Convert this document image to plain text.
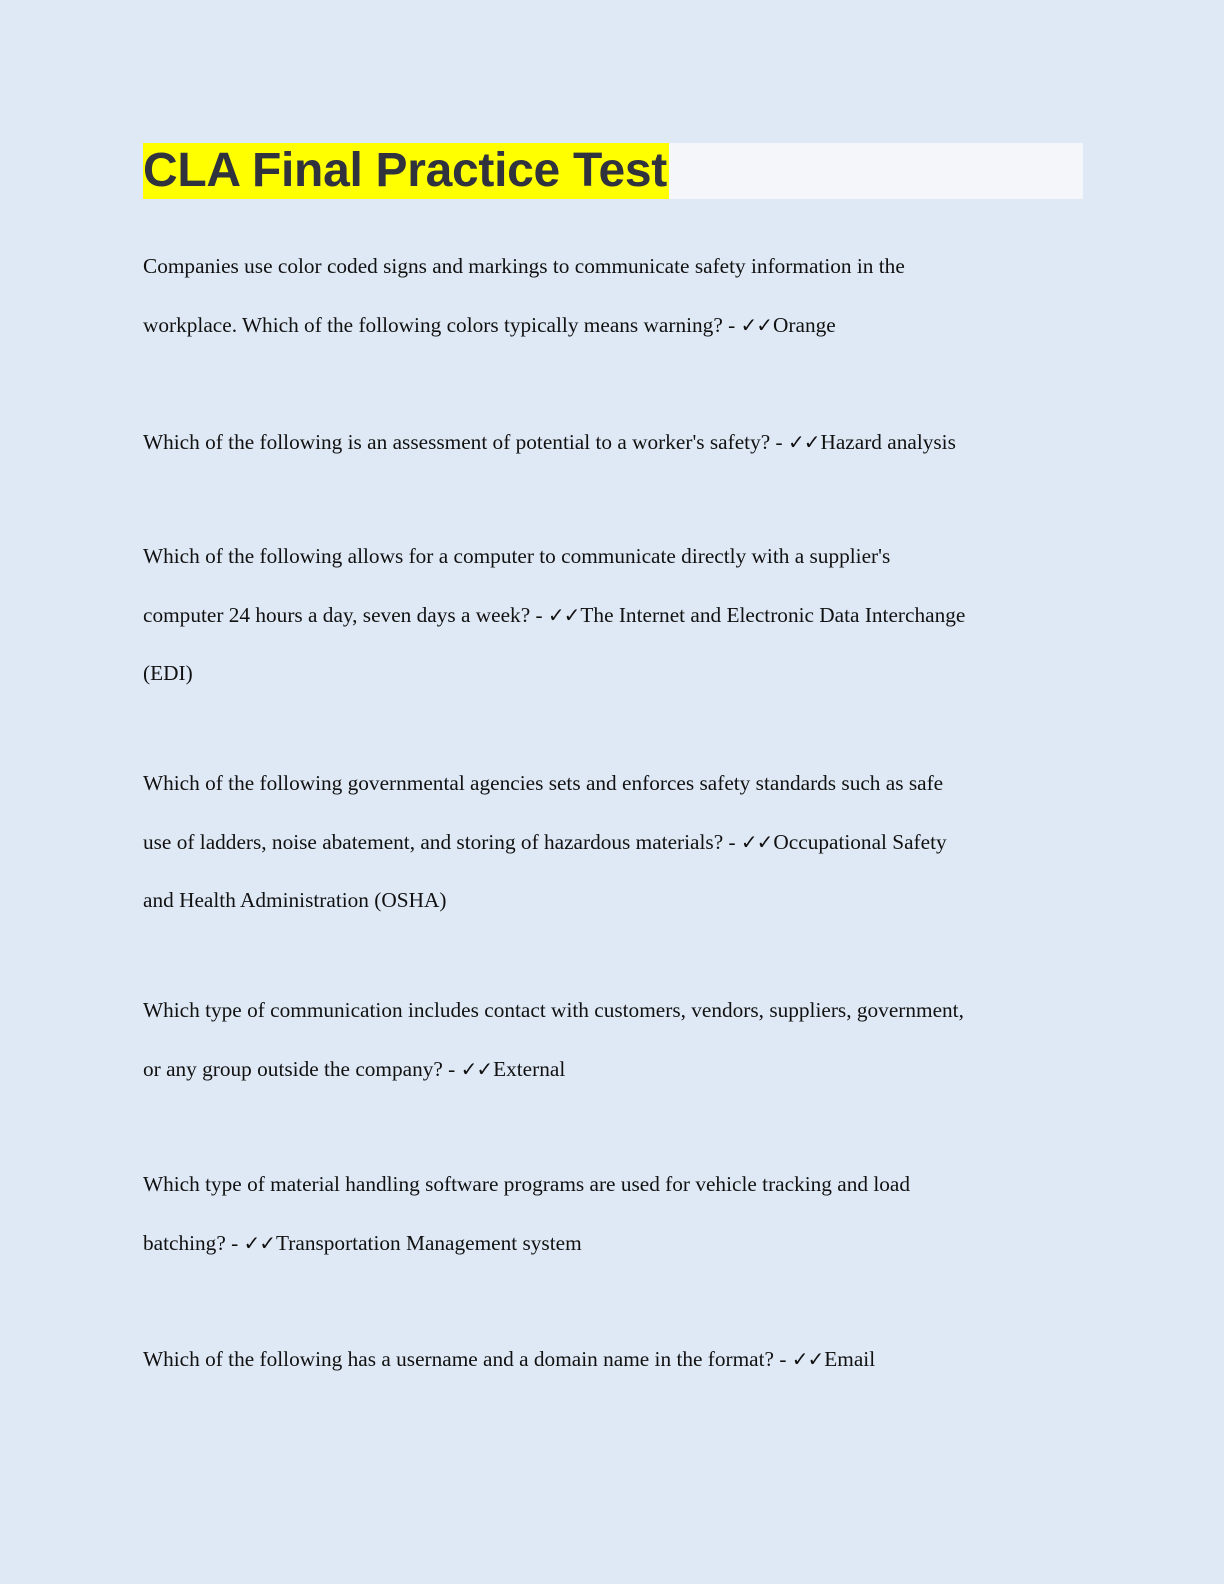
CLA Final Practice Test
Companies use color coded signs and markings to communicate safety information in the
workplace. Which of the following colors typically means warning? - ✓✓Orange
Which of the following is an assessment of potential to a worker's safety? - ✓✓Hazard analysis
Which of the following allows for a computer to communicate directly with a supplier's
computer 24 hours a day, seven days a week? - ✓✓The Internet and Electronic Data Interchange
(EDI)
Which of the following governmental agencies sets and enforces safety standards such as safe
use of ladders, noise abatement, and storing of hazardous materials? - ✓✓Occupational Safety
and Health Administration (OSHA)
Which type of communication includes contact with customers, vendors, suppliers, government,
or any group outside the company? - ✓✓External
Which type of material handling software programs are used for vehicle tracking and load
batching? - ✓✓Transportation Management system
Which of the following has a username and a domain name in the format? - ✓✓Email
